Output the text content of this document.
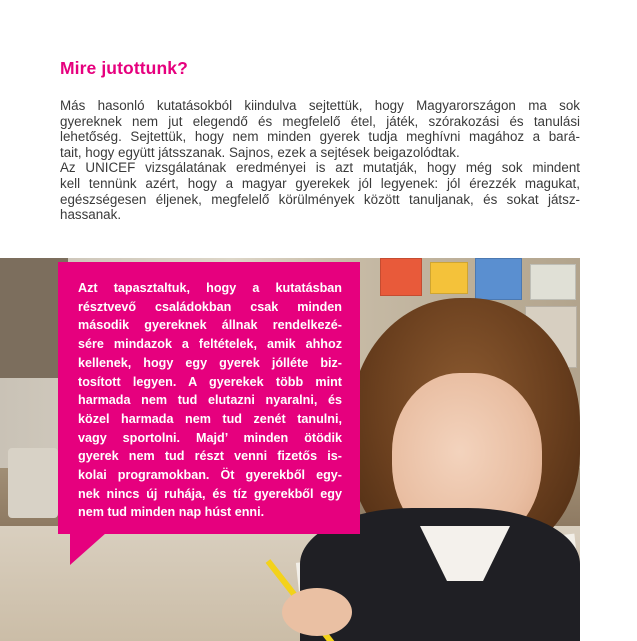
Mire jutottunk?
Más hasonló kutatásokból kiindulva sejtettük, hogy Magyarországon ma sok
gyereknek nem jut elegendő és megfelelő étel, játék, szórakozási és tanulási
lehetőség. Sejtettük, hogy nem minden gyerek tudja meghívni magához a bará-
tait, hogy együtt játsszanak. Sajnos, ezek a sejtések beigazolódtak.
Az UNICEF vizsgálatának eredményei is azt mutatják, hogy még sok mindent
kell tennünk azért, hogy a magyar gyerekek jól legyenek: jól érezzék magukat,
egészségesen éljenek, megfelelő körülmények között tanuljanak, és sokat játsz-
hassanak.
Azt tapasztaltuk, hogy a kutatásban
résztvevő családokban csak minden
második gyereknek állnak rendelkezé-
sére mindazok a feltételek, amik ahhoz
kellenek, hogy egy gyerek jólléte biz-
tosított legyen. A gyerekek több mint
harmada nem tud elutazni nyaralni, és
közel harmada nem tud zenét tanulni,
vagy sportolni. Majd’ minden ötödik
gyerek nem tud részt venni fizetős is-
kolai programokban. Öt gyerekből egy-
nek nincs új ruhája, és tíz gyerekből egy
nem tud minden nap húst enni.
